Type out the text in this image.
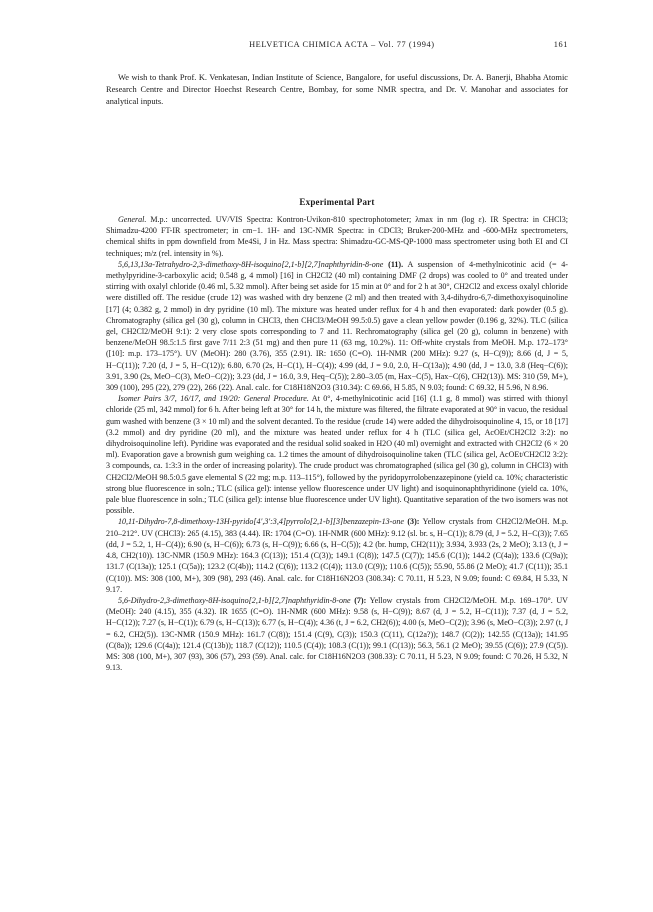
HELVETICA CHIMICA ACTA – Vol. 77 (1994)	161
We wish to thank Prof. K. Venkatesan, Indian Institute of Science, Bangalore, for useful discussions, Dr. A. Banerji, Bhabha Atomic Research Centre and Director Hoechst Research Centre, Bombay, for some NMR spectra, and Dr. V. Manohar and associates for analytical inputs.
Experimental Part

General. M.p.: uncorrected. UV/VIS Spectra: Kontron-Uvikon-810 spectrophotometer; λmax in nm (log ε). IR Spectra: in CHCl3; Shimadzu-4200 FT-IR spectrometer; in cm−1. 1H- and 13C-NMR Spectra: in CDCl3; Bruker-200-MHz and -600-MHz spectrometers, chemical shifts in ppm downfield from Me4Si, J in Hz. Mass spectra: Shimadzu-GC-MS-QP-1000 mass spectrometer using both EI and CI techniques; m/z (rel. intensity in %).

5,6,13,13a-Tetrahydro-2,3-dimethoxy-8H-isoquino[2,1-b][2,7]naphthyridin-8-one (11). A suspension of 4-methylnicotinic acid (= 4-methylpyridine-3-carboxylic acid; 0.548 g, 4 mmol) [16] in CH2Cl2 (40 ml) containing DMF (2 drops) was cooled to 0° and treated under stirring with oxalyl chloride (0.46 ml, 5.32 mmol). After being set aside for 15 min at 0° and for 2 h at 30°, CH2Cl2 and excess oxalyl chloride were distilled off. The residue (crude 12) was washed with dry benzene (2 ml) and then treated with 3,4-dihydro-6,7-dimethoxyisoquinoline [17] (4; 0.382 g, 2 mmol) in dry pyridine (10 ml). The mixture was heated under reflux for 4 h and then evaporated: dark powder (0.5 g). Chromatography (silica gel (30 g), column in CHCl3, then CHCl3/MeOH 99.5:0.5) gave a clean yellow powder (0.196 g, 32%). TLC (silica gel, CH2Cl2/MeOH 9:1): 2 very close spots corresponding to 7 and 11. Rechromatography (silica gel (20 g), column in benzene) with benzene/MeOH 98.5:1.5 first gave 7/11 2:3 (51 mg) and then pure 11 (63 mg, 10.2%). 11: Off-white crystals from MeOH. M.p. 172–173° ([10]: m.p. 173–175°). UV (MeOH): 280 (3.76), 355 (2.91). IR: 1650 (C=O). 1H-NMR (200 MHz): 9.27 (s, H−C(9)); 8.66 (d, J = 5, H−C(11)); 7.20 (d, J = 5, H−C(12)); 6.80, 6.70 (2s, H−C(1), H−C(4)); 4.99 (dd, J = 9.0, 2.0, H−C(13a)); 4.90 (dd, J = 13.0, 3.8 (Heq−C(6)); 3.91, 3.90 (2s, MeO−C(3), MeO−C(2)); 3.23 (dd, J = 16.0, 3.9, Heq−C(5)); 2.80–3.05 (m, Hax−C(5), Hax−C(6), CH2(13)). MS: 310 (59, M+), 309 (100), 295 (22), 279 (22), 266 (22). Anal. calc. for C18H18N2O3 (310.34): C 69.66, H 5.85, N 9.03; found: C 69.32, H 5.96, N 8.96.

Isomer Pairs 3/7, 16/17, and 19/20: General Procedure. At 0°, 4-methylnicotinic acid [16] (1.1 g, 8 mmol) was stirred with thionyl chloride (25 ml, 342 mmol) for 6 h. After being left at 30° for 14 h, the mixture was filtered, the filtrate evaporated at 90° in vacuo, the residual gum washed with benzene (3 × 10 ml) and the solvent decanted. To the residue (crude 14) were added the dihydroisoquinoline 4, 15, or 18 [17] (3.2 mmol) and dry pyridine (20 ml), and the mixture was heated under reflux for 4 h (TLC (silica gel, AcOEt/CH2Cl2 3:2): no dihydroisoquinoline left). Pyridine was evaporated and the residual solid soaked in H2O (40 ml) overnight and extracted with CH2Cl2 (6 × 20 ml). Evaporation gave a brownish gum weighing ca. 1.2 times the amount of dihydroisoquinoline taken (TLC (silica gel, AcOEt/CH2Cl2 3:2): 3 compounds, ca. 1:3:3 in the order of increasing polarity). The crude product was chromatographed (silica gel (30 g), column in CHCl3) with CH2Cl2/MeOH 98.5:0.5 gave elemental S (22 mg; m.p. 113–115°), followed by the pyridopyrrolobenzazepinone (yield ca. 10%; characteristic strong blue fluorescence in soln.; TLC (silica gel): intense yellow fluorescence under UV light) and isoquinonaphthyridinone (yield ca. 10%, pale blue fluorescence in soln.; TLC (silica gel): intense blue fluorescence under UV light). Quantitative separation of the two isomers was not possible.

10,11-Dihydro-7,8-dimethoxy-13H-pyrido[4′,3′:3,4]pyrrolo[2,1-b][3]benzazepin-13-one (3): Yellow crystals from CH2Cl2/MeOH. M.p. 210–212°. UV (CHCl3): 265 (4.15), 383 (4.44). IR: 1704 (C=O). 1H-NMR (600 MHz): 9.12 (sl. br. s, H−C(1)); 8.79 (d, J = 5.2, H−C(3)); 7.65 (dd, J = 5.2, 1, H−C(4)); 6.90 (s, H−C(6)); 6.73 (s, H−C(9)); 6.66 (s, H−C(5)); 4.2 (br. hump, CH2(11)); 3.934, 3.933 (2s, 2 MeO); 3.13 (t, J = 4.8, CH2(10)). 13C-NMR (150.9 MHz): 164.3 (C(13)); 151.4 (C(3)); 149.1 (C(8)); 147.5 (C(7)); 145.6 (C(1)); 144.2 (C(4a)); 133.6 (C(9a)); 131.7 (C(13a)); 125.1 (C(5a)); 123.2 (C(4b)); 114.2 (C(6)); 113.2 (C(4)); 113.0 (C(9)); 110.6 (C(5)); 55.90, 55.86 (2 MeO); 41.7 (C(11)); 35.1 (C(10)). MS: 308 (100, M+), 309 (98), 293 (46). Anal. calc. for C18H16N2O3 (308.34): C 70.11, H 5.23, N 9.09; found: C 69.84, H 5.33, N 9.17.

5,6-Dihydro-2,3-dimethoxy-8H-isoquino[2,1-b][2,7]naphthyridin-8-one (7): Yellow crystals from CH2Cl2/MeOH. M.p. 169–170°. UV (MeOH): 240 (4.15), 355 (4.32). IR 1655 (C=O). 1H-NMR (600 MHz): 9.58 (s, H−C(9)); 8.67 (d, J = 5.2, H−C(11)); 7.37 (d, J = 5.2, H−C(12)); 7.27 (s, H−C(1)); 6.79 (s, H−C(13)); 6.77 (s, H−C(4)); 4.36 (t, J = 6.2, CH2(6)); 4.00 (s, MeO−C(2)); 3.96 (s, MeO−C(3)); 2.97 (t, J = 6.2, CH2(5)). 13C-NMR (150.9 MHz): 161.7 (C(8)); 151.4 (C(9), C(3)); 150.3 (C(11), C(12a?)); 148.7 (C(2)); 142.55 (C(13a)); 141.95 (C(8a)); 129.6 (C(4a)); 121.4 (C(13b)); 118.7 (C(12)); 110.5 (C(4)); 108.3 (C(1)); 99.1 (C(13)); 56.3, 56.1 (2 MeO); 39.55 (C(6)); 27.9 (C(5)). MS: 308 (100, M+), 307 (93), 306 (57), 293 (59). Anal. calc. for C18H16N2O3 (308.33): C 70.11, H 5.23, N 9.09; found: C 70.26, H 5.32, N 9.13.
